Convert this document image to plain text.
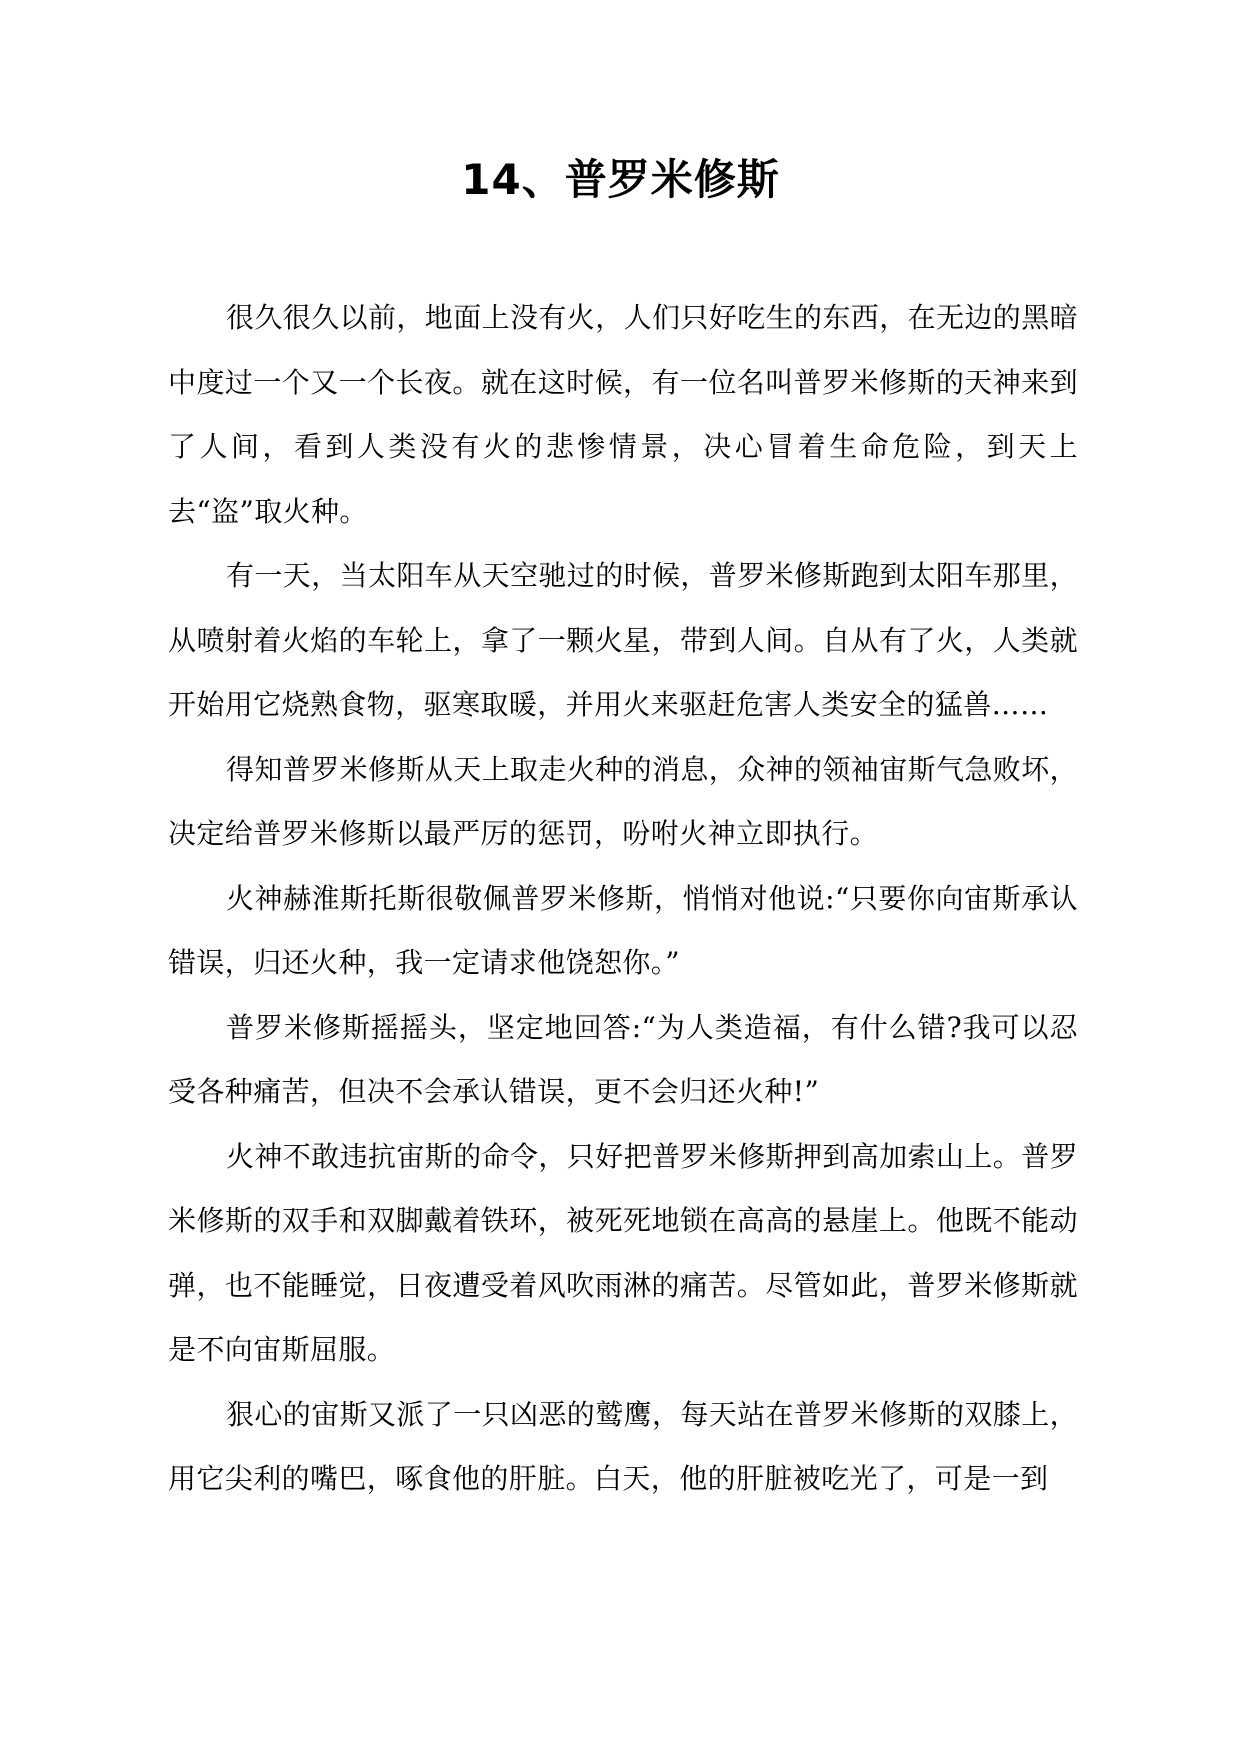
14、普罗米修斯

很久很久以前，地面上没有火，人们只好吃生的东西，在无边的黑暗中度过一个又一个长夜。就在这时候，有一位名叫普罗米修斯的天神来到了人间，看到人类没有火的悲惨情景，决心冒着生命危险，到天上去“盗”取火种。

有一天，当太阳车从天空驰过的时候，普罗米修斯跑到太阳车那里，从喷射着火焰的车轮上，拿了一颗火星，带到人间。自从有了火，人类就开始用它烧熟食物，驱寒取暖，并用火来驱赶危害人类安全的猛兽……

得知普罗米修斯从天上取走火种的消息，众神的领袖宙斯气急败坏，决定给普罗米修斯以最严厉的惩罚，吩咐火神立即执行。

火神赫淮斯托斯很敬佩普罗米修斯，悄悄对他说:“只要你向宙斯承认错误，归还火种，我一定请求他饶恕你。”

普罗米修斯摇摇头，坚定地回答:“为人类造福，有什么错?我可以忍受各种痛苦，但决不会承认错误，更不会归还火种!”

火神不敢违抗宙斯的命令，只好把普罗米修斯押到高加索山上。普罗米修斯的双手和双脚戴着铁环，被死死地锁在高高的悬崖上。他既不能动弹，也不能睡觉，日夜遭受着风吹雨淋的痛苦。尽管如此，普罗米修斯就是不向宙斯屈服。

狠心的宙斯又派了一只凶恶的鹫鹰，每天站在普罗米修斯的双膝上，用它尖利的嘴巴，啄食他的肝脏。白天，他的肝脏被吃光了，可是一到
